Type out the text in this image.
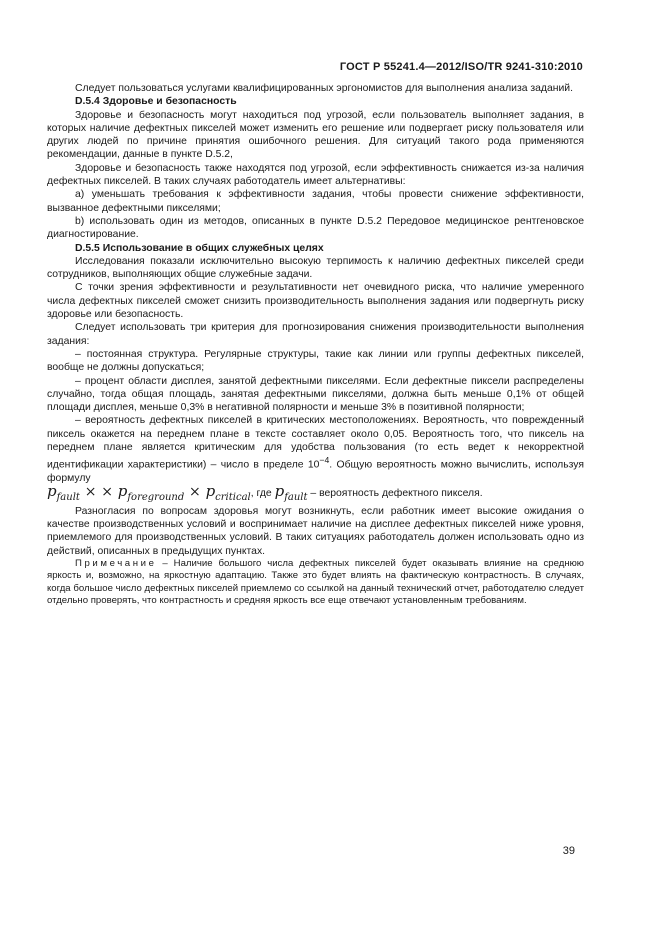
ГОСТ Р 55241.4—2012/ISO/TR 9241-310:2010

Следует пользоваться услугами квалифицированных эргономистов для выполнения анализа заданий.

D.5.4 Здоровье и безопасность

Здоровье и безопасность могут находиться под угрозой, если пользователь выполняет задания, в которых наличие дефектных пикселей может изменить его решение или подвергает риску пользователя или других людей по причине принятия ошибочного решения. Для ситуаций такого рода применяются рекомендации, данные в пункте D.5.2,

Здоровье и безопасность также находятся под угрозой, если эффективность снижается из-за наличия дефектных пикселей. В таких случаях работодатель имеет альтернативы:

a) уменьшать требования к эффективности задания, чтобы провести снижение эффективности, вызванное дефектными пикселями;

b) использовать один из методов, описанных в пункте D.5.2 Передовое медицинское рентгеновское диагностирование.

D.5.5 Использование в общих служебных целях

Исследования показали исключительно высокую терпимость к наличию дефектных пикселей среди сотрудников, выполняющих общие служебные задачи.

С точки зрения эффективности и результативности нет очевидного риска, что наличие умеренного числа дефектных пикселей сможет снизить производительность выполнения задания или подвергнуть риску здоровье или безопасность.

Следует использовать три критерия для прогнозирования снижения производительности выполнения задания:

– постоянная структура. Регулярные структуры, такие как линии или группы дефектных пикселей, вообще не должны допускаться;

– процент области дисплея, занятой дефектными пикселями. Если дефектные пиксели распределены случайно, тогда общая площадь, занятая дефектными пикселями, должна быть меньше 0,1% от общей площади дисплея, меньше 0,3% в негативной полярности и меньше 3% в позитивной полярности;

– вероятность дефектных пикселей в критических местоположениях. Вероятность, что поврежденный пиксель окажется на переднем плане в тексте составляет около 0,05. Вероятность того, что пиксель на переднем плане является критическим для удобства пользования (то есть ведет к некорректной идентификации характеристики) – число в пределе $10^{-4}$. Общую вероятность можно вычислить, используя формулу

$p_{fault}$ × × $p_{foreground} \times p_{critical}$, где $p_{fault}$ – вероятность дефектного пикселя.

Разногласия по вопросам здоровья могут возникнуть, если работник имеет высокие ожидания о качестве производственных условий и воспринимает наличие на дисплее дефектных пикселей ниже уровня, приемлемого для производственных условий. В таких ситуациях работодатель должен использовать одно из действий, описанных в предыдущих пунктах.

Примечание – Наличие большого числа дефектных пикселей будет оказывать влияние на среднюю яркость и, возможно, на яркостную адаптацию. Также это будет влиять на фактическую контрастность. В случаях, когда большое число дефектных пикселей приемлемо со ссылкой на данный технический отчет, работодателю следует отдельно проверять, что контрастность и средняя яркость все еще отвечают установленным требованиям.

39
